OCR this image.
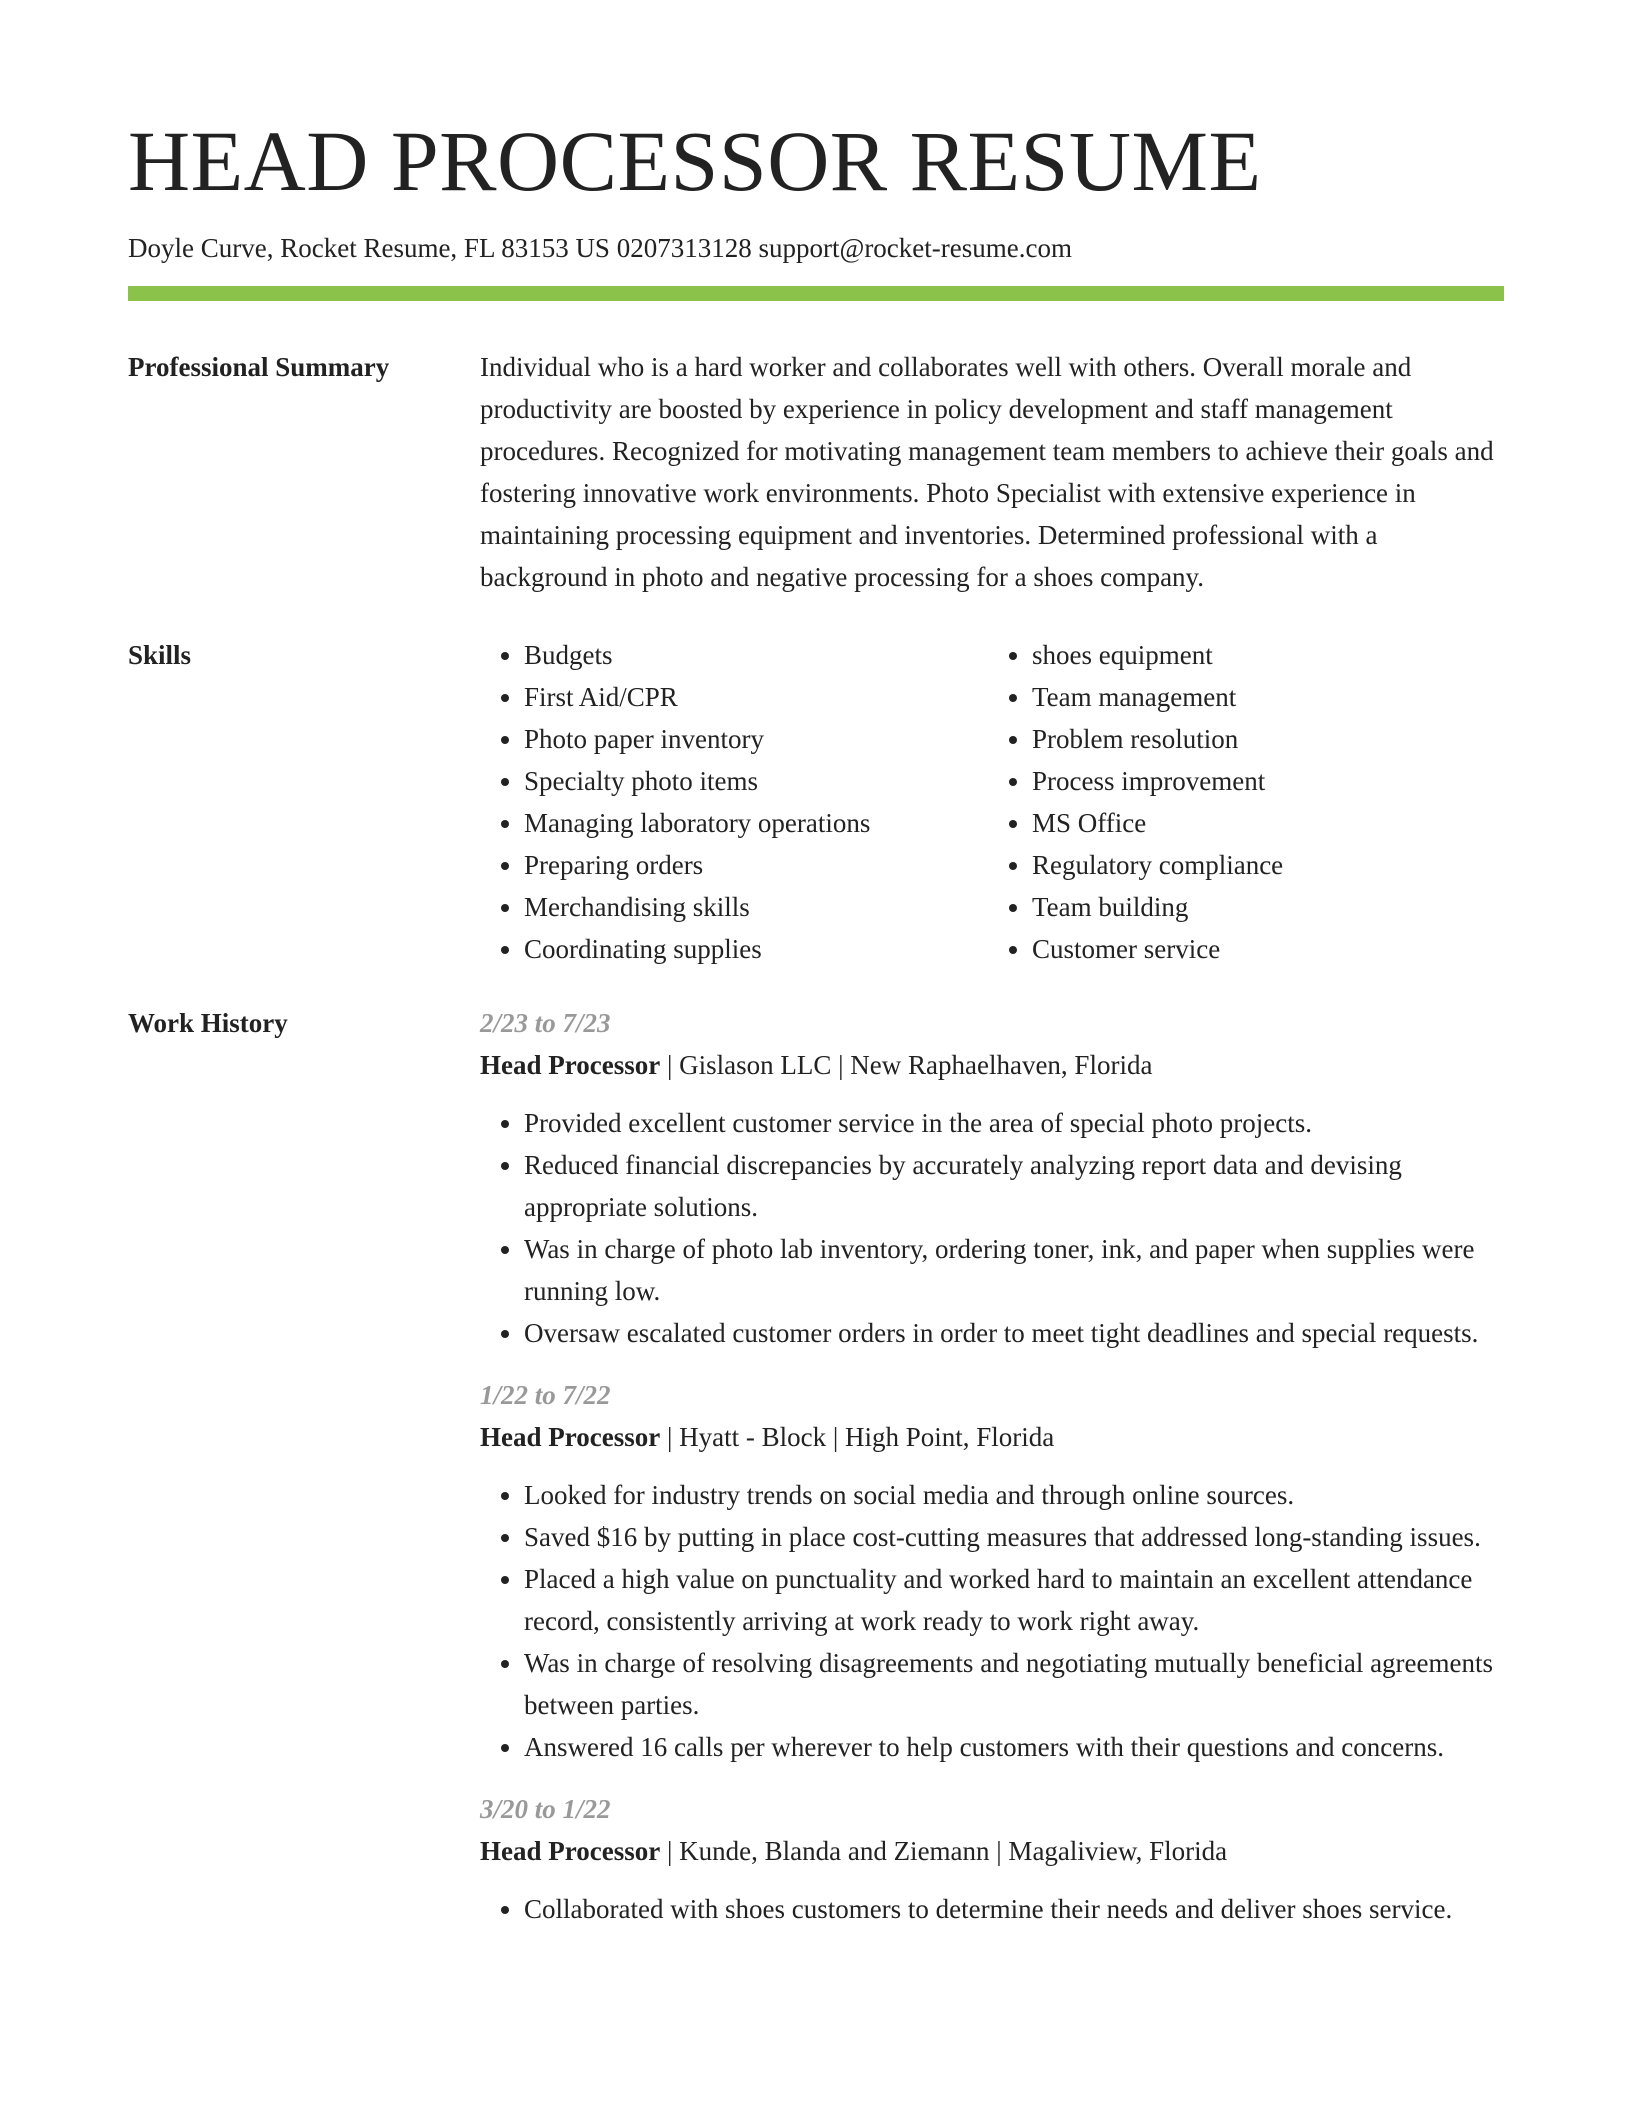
HEAD PROCESSOR RESUME
Doyle Curve, Rocket Resume, FL 83153 US 0207313128 support@rocket-resume.com
Professional Summary	Individual who is a hard worker and collaborates well with others. Overall morale and productivity are boosted by experience in policy development and staff management procedures. Recognized for motivating management team members to achieve their goals and fostering innovative work environments. Photo Specialist with extensive experience in maintaining processing equipment and inventories. Determined professional with a background in photo and negative processing for a shoes company.

Skills
•	Budgets
• First Aid/CPR
• Photo paper inventory
• Specialty photo items
• Managing laboratory operations
• Preparing orders
• Merchandising skills
• Coordinating supplies
• shoes equipment
• Team management
• Problem resolution
• Process improvement
• MS Office
• Regulatory compliance
• Team building
• Customer service
Work History	2/23 to 7/23
Head Processor | Gislason LLC | New Raphaelhaven, Florida
• Provided excellent customer service in the area of special photo projects.
• Reduced financial discrepancies by accurately analyzing report data and devising appropriate solutions.
• Was in charge of photo lab inventory, ordering toner, ink, and paper when supplies were running low.
• Oversaw escalated customer orders in order to meet tight deadlines and special requests.
1/22 to 7/22
Head Processor | Hyatt - Block | High Point, Florida
• Looked for industry trends on social media and through online sources.
• Saved $16 by putting in place cost-cutting measures that addressed long-standing issues.
• Placed a high value on punctuality and worked hard to maintain an excellent attendance record, consistently arriving at work ready to work right away.
• Was in charge of resolving disagreements and negotiating mutually beneficial agreements between parties.
• Answered 16 calls per wherever to help customers with their questions and concerns.
3/20 to 1/22
Head Processor | Kunde, Blanda and Ziemann | Magaliview, Florida
• Collaborated with shoes customers to determine their needs and deliver shoes service.
